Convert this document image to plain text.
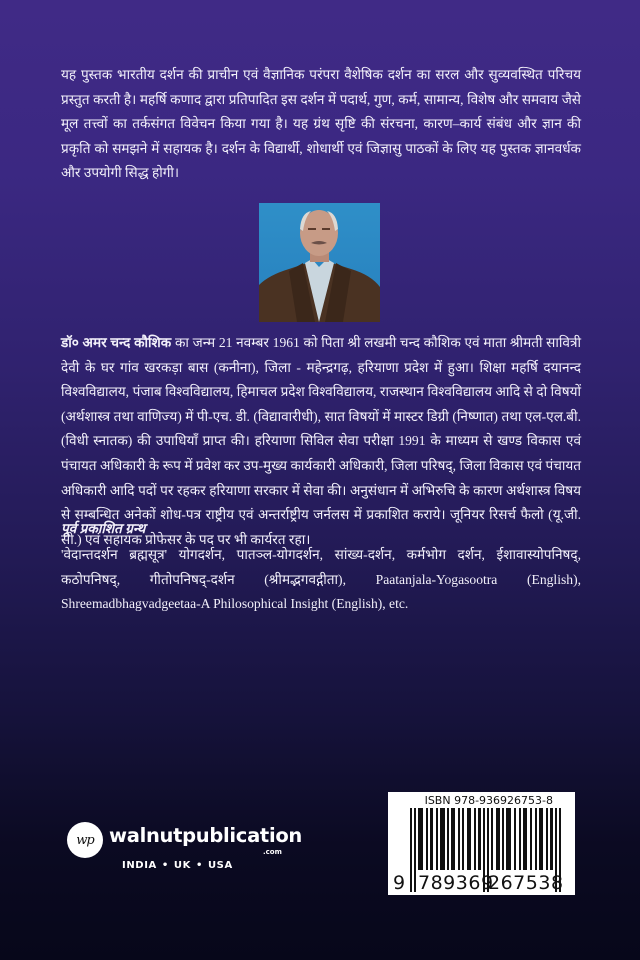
यह पुस्तक भारतीय दर्शन की प्राचीन एवं वैज्ञानिक परंपरा वैशेषिक दर्शन का सरल और सुव्यवस्थित परिचय प्रस्तुत करती है। महर्षि कणाद द्वारा प्रतिपादित इस दर्शन में पदार्थ, गुण, कर्म, सामान्य, विशेष और समवाय जैसे मूल तत्त्वों का तर्कसंगत विवेचन किया गया है। यह ग्रंथ सृष्टि की संरचना, कारण–कार्य संबंध और ज्ञान की प्रकृति को समझने में सहायक है। दर्शन के विद्यार्थी, शोधार्थी एवं जिज्ञासु पाठकों के लिए यह पुस्तक ज्ञानवर्धक और उपयोगी सिद्ध होगी।

डॉ० अमर चन्द कौशिक का जन्म 21 नवम्बर 1961 को पिता श्री लखमी चन्द कौशिक एवं माता श्रीमती सावित्री देवी के घर गांव खरकड़ा बास (कनीना), जिला - महेन्द्रगढ़, हरियाणा प्रदेश में हुआ। शिक्षा महर्षि दयानन्द विश्वविद्यालय, पंजाब विश्वविद्यालय, हिमाचल प्रदेश विश्वविद्यालय, राजस्थान विश्वविद्यालय आदि से दो विषयों (अर्थशास्त्र तथा वाणिज्य) में पी-एच. डी. (विद्यावारीधी), सात विषयों में मास्टर डिग्री (निष्णात) तथा एल-एल.बी. (विधी स्नातक) की उपाधियाँ प्राप्त की। हरियाणा सिविल सेवा परीक्षा 1991 के माध्यम से खण्ड विकास एवं पंचायत अधिकारी के रूप में प्रवेश कर उप-मुख्य कार्यकारी अधिकारी, जिला परिषद्, जिला विकास एवं पंचायत अधिकारी आदि पदों पर रहकर हरियाणा सरकार में सेवा की। अनुसंधान में अभिरुचि के कारण अर्थशास्त्र विषय से सम्बन्धित अनेकों शोध-पत्र राष्ट्रीय एवं अन्तर्राष्ट्रीय जर्नलस में प्रकाशित कराये। जूनियर रिसर्च फैलो (यू.जी. सी.) एवं सहायक प्रोफेसर के पद पर भी कार्यरत रहा।

पूर्व प्रकाशित ग्रन्थ

'वेदान्तदर्शन ब्रह्मसूत्र' योगदर्शन, पातञ्ल-योगदर्शन, सांख्य-दर्शन, कर्मभोग दर्शन, ईशावास्योपनिषद्, कठोपनिषद्, गीतोपनिषद्-दर्शन (श्रीमद्भगवद्गीता), Paatanjala-Yogasootra (English), Shreemadbhagvadgeetaa-A Philosophical Insight (English), etc.

wp walnutpublication
.com
INDIA • UK • USA
ISBN 978-936926753-8
9 789369
267538
